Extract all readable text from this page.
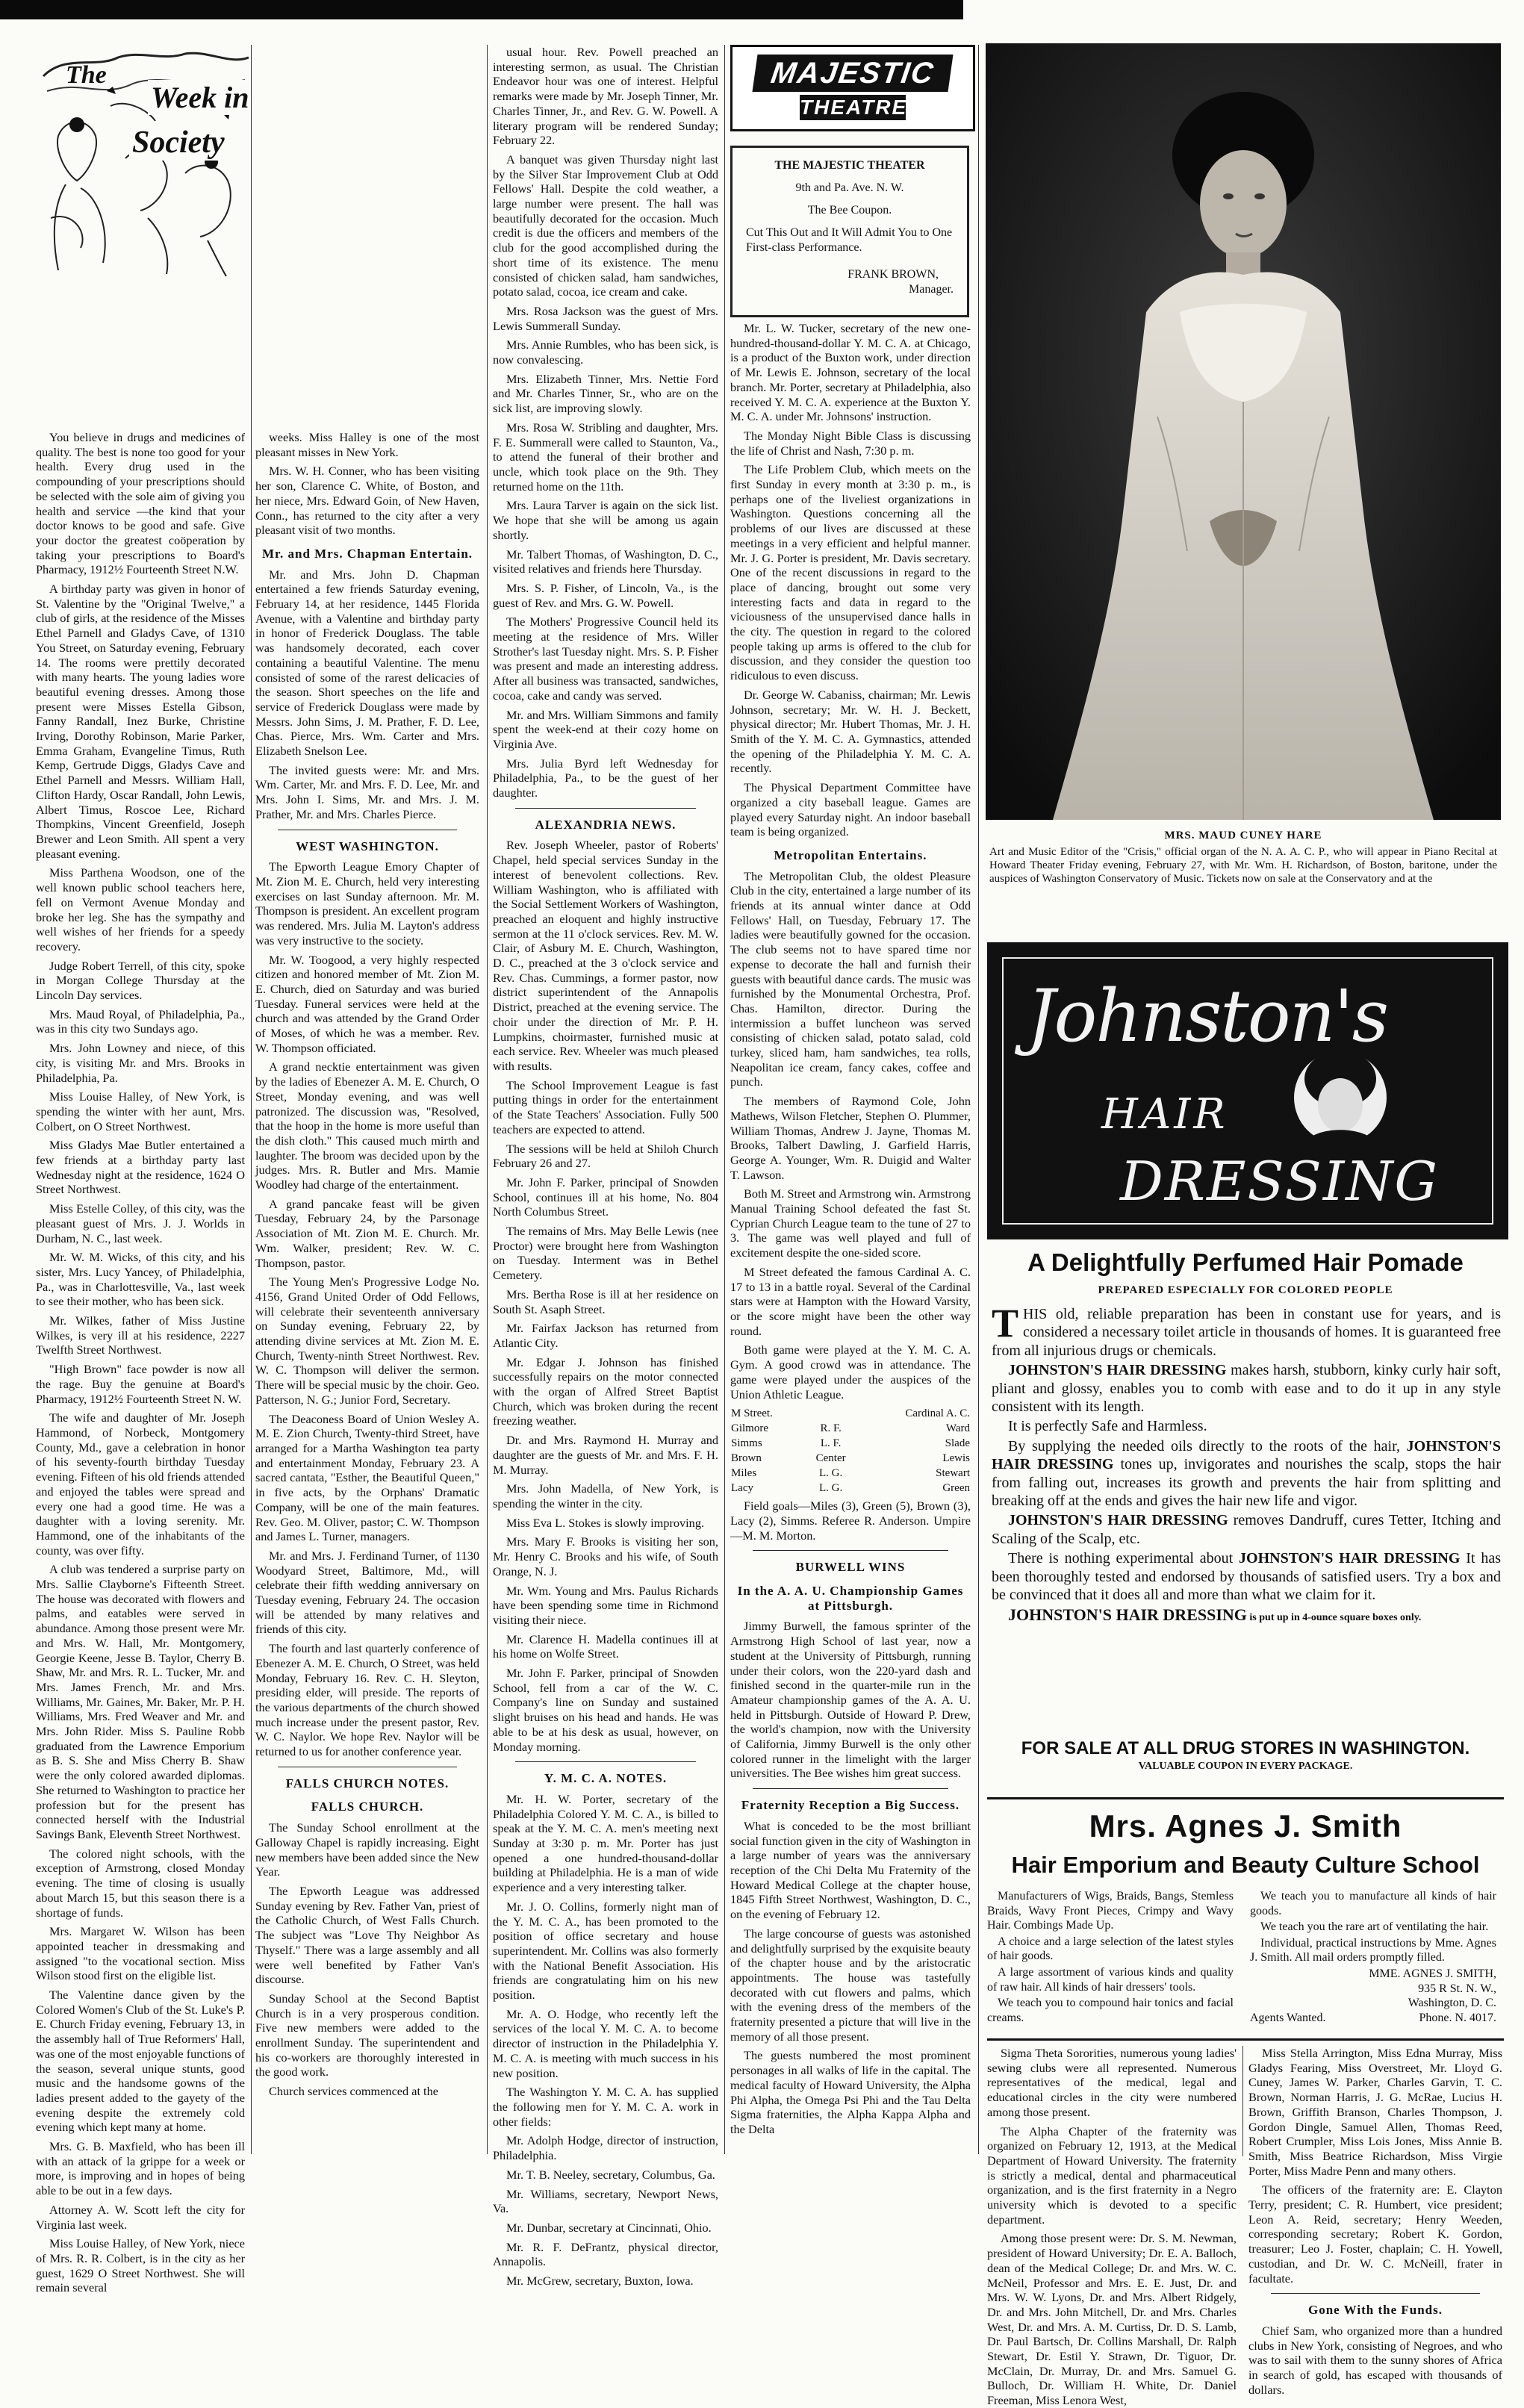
The
Week in
Society

You believe in drugs and medicines of quality. The best is none too good for your health. Every drug used in the compounding of your prescriptions should be selected with the sole aim of giving you health and service —the kind that your doctor knows to be good and safe. Give your doctor the greatest coöperation by taking your prescriptions to Board's Pharmacy, 1912½ Fourteenth Street N.W.

A birthday party was given in honor of St. Valentine by the "Original Twelve," a club of girls, at the residence of the Misses Ethel Parnell and Gladys Cave, of 1310 You Street, on Saturday evening, February 14. The rooms were prettily decorated with many hearts. The young ladies wore beautiful evening dresses. Among those present were Misses Estella Gibson, Fanny Randall, Inez Burke, Christine Irving, Dorothy Robinson, Marie Parker, Emma Graham, Evangeline Timus, Ruth Kemp, Gertrude Diggs, Gladys Cave and Ethel Parnell and Messrs. William Hall, Clifton Hardy, Oscar Randall, John Lewis, Albert Timus, Roscoe Lee, Richard Thompkins, Vincent Greenfield, Joseph Brewer and Leon Smith. All spent a very pleasant evening.

Miss Parthena Woodson, one of the well known public school teachers here, fell on Vermont Avenue Monday and broke her leg. She has the sympathy and well wishes of her friends for a speedy recovery.

Judge Robert Terrell, of this city, spoke in Morgan College Thursday at the Lincoln Day services.

Mrs. Maud Royal, of Philadelphia, Pa., was in this city two Sundays ago.

Mrs. John Lowney and niece, of this city, is visiting Mr. and Mrs. Brooks in Philadelphia, Pa.

Miss Louise Halley, of New York, is spending the winter with her aunt, Mrs. Colbert, on O Street Northwest.

Miss Gladys Mae Butler entertained a few friends at a birthday party last Wednesday night at the residence, 1624 O Street Northwest.

Miss Estelle Colley, of this city, was the pleasant guest of Mrs. J. J. Worlds in Durham, N. C., last week.

Mr. W. M. Wicks, of this city, and his sister, Mrs. Lucy Yancey, of Philadelphia, Pa., was in Charlottesville, Va., last week to see their mother, who has been sick.

Mr. Wilkes, father of Miss Justine Wilkes, is very ill at his residence, 2227 Twelfth Street Northwest.

"High Brown" face powder is now all the rage. Buy the genuine at Board's Pharmacy, 1912½ Fourteenth Street N. W.

The wife and daughter of Mr. Joseph Hammond, of Norbeck, Montgomery County, Md., gave a celebration in honor of his seventy-fourth birthday Tuesday evening. Fifteen of his old friends attended and enjoyed the tables were spread and every one had a good time. He was a daughter with a loving serenity. Mr. Hammond, one of the inhabitants of the county, was over fifty.

A club was tendered a surprise party on Mrs. Sallie Clayborne's Fifteenth Street. The house was decorated with flowers and palms, and eatables were served in abundance. Among those present were Mr. and Mrs. W. Hall, Mr. Montgomery, Georgie Keene, Jesse B. Taylor, Cherry B. Shaw, Mr. and Mrs. R. L. Tucker, Mr. and Mrs. James French, Mr. and Mrs. Williams, Mr. Gaines, Mr. Baker, Mr. P. H. Williams, Mrs. Fred Weaver and Mr. and Mrs. John Rider. Miss S. Pauline Robb graduated from the Lawrence Emporium as B. S. She and Miss Cherry B. Shaw were the only colored awarded diplomas. She returned to Washington to practice her profession but for the present has connected herself with the Industrial Savings Bank, Eleventh Street Northwest.

The colored night schools, with the exception of Armstrong, closed Monday evening. The time of closing is usually about March 15, but this season there is a shortage of funds.

Mrs. Margaret W. Wilson has been appointed teacher in dressmaking and assigned "to the vocational section. Miss Wilson stood first on the eligible list.

The Valentine dance given by the Colored Women's Club of the St. Luke's P. E. Church Friday evening, February 13, in the assembly hall of True Reformers' Hall, was one of the most enjoyable functions of the season, several unique stunts, good music and the handsome gowns of the ladies present added to the gayety of the evening despite the extremely cold evening which kept many at home.

Mrs. G. B. Maxfield, who has been ill with an attack of la grippe for a week or more, is improving and in hopes of being able to be out in a few days.

Attorney A. W. Scott left the city for Virginia last week.

Miss Louise Halley, of New York, niece of Mrs. R. R. Colbert, is in the city as her guest, 1629 O Street Northwest. She will remain several

weeks. Miss Halley is one of the most pleasant misses in New York.

Mrs. W. H. Conner, who has been visiting her son, Clarence C. White, of Boston, and her niece, Mrs. Edward Goin, of New Haven, Conn., has returned to the city after a very pleasant visit of two months.

Mr. and Mrs. Chapman Entertain.

Mr. and Mrs. John D. Chapman entertained a few friends Saturday evening, February 14, at her residence, 1445 Florida Avenue, with a Valentine and birthday party in honor of Frederick Douglass. The table was handsomely decorated, each cover containing a beautiful Valentine. The menu consisted of some of the rarest delicacies of the season. Short speeches on the life and service of Frederick Douglass were made by Messrs. John Sims, J. M. Prather, F. D. Lee, Chas. Pierce, Mrs. Wm. Carter and Mrs. Elizabeth Snelson Lee.

The invited guests were: Mr. and Mrs. Wm. Carter, Mr. and Mrs. F. D. Lee, Mr. and Mrs. John I. Sims, Mr. and Mrs. J. M. Prather, Mr. and Mrs. Charles Pierce.

WEST WASHINGTON.

The Epworth League Emory Chapter of Mt. Zion M. E. Church, held very interesting exercises on last Sunday afternoon. Mr. M. Thompson is president. An excellent program was rendered. Mrs. Julia M. Layton's address was very instructive to the society.

Mr. W. Toogood, a very highly respected citizen and honored member of Mt. Zion M. E. Church, died on Saturday and was buried Tuesday. Funeral services were held at the church and was attended by the Grand Order of Moses, of which he was a member. Rev. W. Thompson officiated.

A grand necktie entertainment was given by the ladies of Ebenezer A. M. E. Church, O Street, Monday evening, and was well patronized. The discussion was, "Resolved, that the hoop in the home is more useful than the dish cloth." This caused much mirth and laughter. The broom was decided upon by the judges. Mrs. R. Butler and Mrs. Mamie Woodley had charge of the entertainment.

A grand pancake feast will be given Tuesday, February 24, by the Parsonage Association of Mt. Zion M. E. Church. Mr. Wm. Walker, president; Rev. W. C. Thompson, pastor.

The Young Men's Progressive Lodge No. 4156, Grand United Order of Odd Fellows, will celebrate their seventeenth anniversary on Sunday evening, February 22, by attending divine services at Mt. Zion M. E. Church, Twenty-ninth Street Northwest. Rev. W. C. Thompson will deliver the sermon. There will be special music by the choir. Geo. Patterson, N. G.; Junior Ford, Secretary.

The Deaconess Board of Union Wesley A. M. E. Zion Church, Twenty-third Street, have arranged for a Martha Washington tea party and entertainment Monday, February 23. A sacred cantata, "Esther, the Beautiful Queen," in five acts, by the Orphans' Dramatic Company, will be one of the main features. Rev. Geo. M. Oliver, pastor; C. W. Thompson and James L. Turner, managers.

Mr. and Mrs. J. Ferdinand Turner, of 1130 Woodyard Street, Baltimore, Md., will celebrate their fifth wedding anniversary on Tuesday evening, February 24. The occasion will be attended by many relatives and friends of this city.

The fourth and last quarterly conference of Ebenezer A. M. E. Church, O Street, was held Monday, February 16. Rev. C. H. Sleyton, presiding elder, will preside. The reports of the various departments of the church showed much increase under the present pastor, Rev. W. C. Naylor. We hope Rev. Naylor will be returned to us for another conference year.

FALLS CHURCH NOTES.
FALLS CHURCH.

The Sunday School enrollment at the Galloway Chapel is rapidly increasing. Eight new members have been added since the New Year.

The Epworth League was addressed Sunday evening by Rev. Father Van, priest of the Catholic Church, of West Falls Church. The subject was "Love Thy Neighbor As Thyself." There was a large assembly and all were well benefited by Father Van's discourse.

Sunday School at the Second Baptist Church is in a very prosperous condition. Five new members were added to the enrollment Sunday. The superintendent and his co-workers are thoroughly interested in the good work.

Church services commenced at the

usual hour. Rev. Powell preached an interesting sermon, as usual. The Christian Endeavor hour was one of interest. Helpful remarks were made by Mr. Joseph Tinner, Mr. Charles Tinner, Jr., and Rev. G. W. Powell. A literary program will be rendered Sunday; February 22.

A banquet was given Thursday night last by the Silver Star Improvement Club at Odd Fellows' Hall. Despite the cold weather, a large number were present. The hall was beautifully decorated for the occasion. Much credit is due the officers and members of the club for the good accomplished during the short time of its existence. The menu consisted of chicken salad, ham sandwiches, potato salad, cocoa, ice cream and cake.

Mrs. Rosa Jackson was the guest of Mrs. Lewis Summerall Sunday.

Mrs. Annie Rumbles, who has been sick, is now convalescing.

Mrs. Elizabeth Tinner, Mrs. Nettie Ford and Mr. Charles Tinner, Sr., who are on the sick list, are improving slowly.

Mrs. Rosa W. Stribling and daughter, Mrs. F. E. Summerall were called to Staunton, Va., to attend the funeral of their brother and uncle, which took place on the 9th. They returned home on the 11th.

Mrs. Laura Tarver is again on the sick list. We hope that she will be among us again shortly.

Mr. Talbert Thomas, of Washington, D. C., visited relatives and friends here Thursday.

Mrs. S. P. Fisher, of Lincoln, Va., is the guest of Rev. and Mrs. G. W. Powell.

The Mothers' Progressive Council held its meeting at the residence of Mrs. Willer Strother's last Tuesday night. Mrs. S. P. Fisher was present and made an interesting address. After all business was transacted, sandwiches, cocoa, cake and candy was served.

Mr. and Mrs. William Simmons and family spent the week-end at their cozy home on Virginia Ave.

Mrs. Julia Byrd left Wednesday for Philadelphia, Pa., to be the guest of her daughter.

ALEXANDRIA NEWS.

Rev. Joseph Wheeler, pastor of Roberts' Chapel, held special services Sunday in the interest of benevolent collections. Rev. William Washington, who is affiliated with the Social Settlement Workers of Washington, preached an eloquent and highly instructive sermon at the 11 o'clock services. Rev. M. W. Clair, of Asbury M. E. Church, Washington, D. C., preached at the 3 o'clock service and Rev. Chas. Cummings, a former pastor, now district superintendent of the Annapolis District, preached at the evening service. The choir under the direction of Mr. P. H. Lumpkins, choirmaster, furnished music at each service. Rev. Wheeler was much pleased with results.

The School Improvement League is fast putting things in order for the entertainment of the State Teachers' Association. Fully 500 teachers are expected to attend.

The sessions will be held at Shiloh Church February 26 and 27.

Mr. John F. Parker, principal of Snowden School, continues ill at his home, No. 804 North Columbus Street.

The remains of Mrs. May Belle Lewis (nee Proctor) were brought here from Washington on Tuesday. Interment was in Bethel Cemetery.

Mrs. Bertha Rose is ill at her residence on South St. Asaph Street.

Mr. Fairfax Jackson has returned from Atlantic City.

Mr. Edgar J. Johnson has finished successfully repairs on the motor connected with the organ of Alfred Street Baptist Church, which was broken during the recent freezing weather.

Dr. and Mrs. Raymond H. Murray and daughter are the guests of Mr. and Mrs. F. H. M. Murray.

Mrs. John Madella, of New York, is spending the winter in the city.

Miss Eva L. Stokes is slowly improving.

Mrs. Mary F. Brooks is visiting her son, Mr. Henry C. Brooks and his wife, of South Orange, N. J.

Mr. Wm. Young and Mrs. Paulus Richards have been spending some time in Richmond visiting their niece.

Mr. Clarence H. Madella continues ill at his home on Wolfe Street.

Mr. John F. Parker, principal of Snowden School, fell from a car of the W. C. Company's line on Sunday and sustained slight bruises on his head and hands. He was able to be at his desk as usual, however, on Monday morning.

Y. M. C. A. NOTES.

Mr. H. W. Porter, secretary of the Philadelphia Colored Y. M. C. A., is billed to speak at the Y. M. C. A. men's meeting next Sunday at 3:30 p. m. Mr. Porter has just opened a one hundred-thousand-dollar building at Philadelphia. He is a man of wide experience and a very interesting talker.

Mr. J. O. Collins, formerly night man of the Y. M. C. A., has been promoted to the position of office secretary and house superintendent. Mr. Collins was also formerly with the National Benefit Association. His friends are congratulating him on his new position.

Mr. A. O. Hodge, who recently left the services of the local Y. M. C. A. to become director of instruction in the Philadelphia Y. M. C. A. is meeting with much success in his new position.

The Washington Y. M. C. A. has supplied the following men for Y. M. C. A. work in other fields:

Mr. Adolph Hodge, director of instruction, Philadelphia.

Mr. T. B. Neeley, secretary, Columbus, Ga.

Mr. Williams, secretary, Newport News, Va.

Mr. Dunbar, secretary at Cincinnati, Ohio.

Mr. R. F. DeFrantz, physical director, Annapolis.

Mr. McGrew, secretary, Buxton, Iowa.

MAJESTIC
THEATRE
THE MAJESTIC THEATER
9th and Pa. Ave. N. W.
The Bee Coupon.
Cut This Out and It Will Admit You to One First-class Performance.
FRANK BROWN,
Manager.

Mr. L. W. Tucker, secretary of the new one-hundred-thousand-dollar Y. M. C. A. at Chicago, is a product of the Buxton work, under direction of Mr. Lewis E. Johnson, secretary of the local branch. Mr. Porter, secretary at Philadelphia, also received Y. M. C. A. experience at the Buxton Y. M. C. A. under Mr. Johnsons' instruction.

The Monday Night Bible Class is discussing the life of Christ and Nash, 7:30 p. m.

The Life Problem Club, which meets on the first Sunday in every month at 3:30 p. m., is perhaps one of the liveliest organizations in Washington. Questions concerning all the problems of our lives are discussed at these meetings in a very efficient and helpful manner. Mr. J. G. Porter is president, Mr. Davis secretary. One of the recent discussions in regard to the place of dancing, brought out some very interesting facts and data in regard to the viciousness of the unsupervised dance halls in the city. The question in regard to the colored people taking up arms is offered to the club for discussion, and they consider the question too ridiculous to even discuss.

Dr. George W. Cabaniss, chairman; Mr. Lewis Johnson, secretary; Mr. W. H. J. Beckett, physical director; Mr. Hubert Thomas, Mr. J. H. Smith of the Y. M. C. A. Gymnastics, attended the opening of the Philadelphia Y. M. C. A. recently.

The Physical Department Committee have organized a city baseball league. Games are played every Saturday night. An indoor baseball team is being organized.

Metropolitan Entertains.

The Metropolitan Club, the oldest Pleasure Club in the city, entertained a large number of its friends at its annual winter dance at Odd Fellows' Hall, on Tuesday, February 17. The ladies were beautifully gowned for the occasion. The club seems not to have spared time nor expense to decorate the hall and furnish their guests with beautiful dance cards. The music was furnished by the Monumental Orchestra, Prof. Chas. Hamilton, director. During the intermission a buffet luncheon was served consisting of chicken salad, potato salad, cold turkey, sliced ham, ham sandwiches, tea rolls, Neapolitan ice cream, fancy cakes, coffee and punch.

The members of Raymond Cole, John Mathews, Wilson Fletcher, Stephen O. Plummer, William Thomas, Andrew J. Jayne, Thomas M. Brooks, Talbert Dawling, J. Garfield Harris, George A. Younger, Wm. R. Duigid and Walter T. Lawson.

Both M. Street and Armstrong win. Armstrong Manual Training School defeated the fast St. Cyprian Church League team to the tune of 27 to 3. The game was well played and full of excitement despite the one-sided score.

M Street defeated the famous Cardinal A. C. 17 to 13 in a battle royal. Several of the Cardinal stars were at Hampton with the Howard Varsity, or the score might have been the other way round.

Both game were played at the Y. M. C. A. Gym. A good crowd was in attendance. The game were played under the auspices of the Union Athletic League.

M Street.		Cardinal A. C.
Gilmore	R. F.	Ward
Simms	L. F.	Slade
Brown	Center	Lewis
Miles	L. G.	Stewart
Lacy	L. G.	Green

Field goals—Miles (3), Green (5), Brown (3), Lacy (2), Simms. Referee R. Anderson. Umpire—M. M. Morton.

BURWELL WINS
In the A. A. U. Championship Games at Pittsburgh.

Jimmy Burwell, the famous sprinter of the Armstrong High School of last year, now a student at the University of Pittsburgh, running under their colors, won the 220-yard dash and finished second in the quarter-mile run in the Amateur championship games of the A. A. U. held in Pittsburgh. Outside of Howard P. Drew, the world's champion, now with the University of California, Jimmy Burwell is the only other colored runner in the limelight with the larger universities. The Bee wishes him great success.

Fraternity Reception a Big Success.

What is conceded to be the most brilliant social function given in the city of Washington in a large number of years was the anniversary reception of the Chi Delta Mu Fraternity of the Howard Medical College at the chapter house, 1845 Fifth Street Northwest, Washington, D. C., on the evening of February 12.

The large concourse of guests was astonished and delightfully surprised by the exquisite beauty of the chapter house and by the aristocratic appointments. The house was tastefully decorated with cut flowers and palms, which with the evening dress of the members of the fraternity presented a picture that will live in the memory of all those present.

The guests numbered the most prominent personages in all walks of life in the capital. The medical faculty of Howard University, the Alpha Phi Alpha, the Omega Psi Phi and the Tau Delta Sigma fraternities, the Alpha Kappa Alpha and the Delta

MRS. MAUD CUNEY HARE
Art and Music Editor of the "Crisis," official organ of the N. A. A. C. P., who will appear in Piano Recital at Howard Theater Friday evening, February 27, with Mr. Wm. H. Richardson, of Boston, baritone, under the auspices of Washington Conservatory of Music. Tickets now on sale at the Conservatory and at the
Johnston's
HAIR
DRESSING
A Delightfully Perfumed Hair Pomade
PREPARED ESPECIALLY FOR COLORED PEOPLE

THIS old, reliable preparation has been in constant use for years, and is considered a necessary toilet article in thousands of homes. It is guaranteed free from all injurious drugs or chemicals.

JOHNSTON'S HAIR DRESSING makes harsh, stubborn, kinky curly hair soft, pliant and glossy, enables you to comb with ease and to do it up in any style consistent with its length.

It is perfectly Safe and Harmless.

By supplying the needed oils directly to the roots of the hair, JOHNSTON'S HAIR DRESSING tones up, invigorates and nourishes the scalp, stops the hair from falling out, increases its growth and prevents the hair from splitting and breaking off at the ends and gives the hair new life and vigor.

JOHNSTON'S HAIR DRESSING removes Dandruff, cures Tetter, Itching and Scaling of the Scalp, etc.

There is nothing experimental about JOHNSTON'S HAIR DRESSING It has been thoroughly tested and endorsed by thousands of satisfied users. Try a box and be convinced that it does all and more than what we claim for it.

JOHNSTON'S HAIR DRESSING is put up in 4-ounce square boxes only.

FOR SALE AT ALL DRUG STORES IN WASHINGTON.
VALUABLE COUPON IN EVERY PACKAGE.
Mrs. Agnes J. Smith
Hair Emporium and Beauty Culture School

Manufacturers of Wigs, Braids, Bangs, Stemless Braids, Wavy Front Pieces, Crimpy and Wavy Hair. Combings Made Up.

A choice and a large selection of the latest styles of hair goods.

A large assortment of various kinds and quality of raw hair. All kinds of hair dressers' tools.

We teach you to compound hair tonics and facial creams.

We teach you to manufacture all kinds of hair goods.

We teach you the rare art of ventilating the hair.

Individual, practical instructions by Mme. Agnes J. Smith. All mail orders promptly filled.

MME. AGNES J. SMITH,
935 R St. N. W.,
Washington, D. C.
Agents Wanted.	Phone. N. 4017.

Sigma Theta Sororities, numerous young ladies' sewing clubs were all represented. Numerous representatives of the medical, legal and educational circles in the city were numbered among those present.

The Alpha Chapter of the fraternity was organized on February 12, 1913, at the Medical Department of Howard University. The fraternity is strictly a medical, dental and pharmaceutical organization, and is the first fraternity in a Negro university which is devoted to a specific department.

Among those present were: Dr. S. M. Newman, president of Howard University; Dr. E. A. Balloch, dean of the Medical College; Dr. and Mrs. W. C. McNeil, Professor and Mrs. E. E. Just, Dr. and Mrs. W. W. Lyons, Dr. and Mrs. Albert Ridgely, Dr. and Mrs. John Mitchell, Dr. and Mrs. Charles West, Dr. and Mrs. A. M. Curtiss, Dr. D. S. Lamb, Dr. Paul Bartsch, Dr. Collins Marshall, Dr. Ralph Stewart, Dr. Estil Y. Strawn, Dr. Tiguor, Dr. McClain, Dr. Murray, Dr. and Mrs. Samuel G. Bulloch, Dr. William H. White, Dr. Daniel Freeman, Miss Lenora West,

Miss Stella Arrington, Miss Edna Murray, Miss Gladys Fearing, Miss Overstreet, Mr. Lloyd G. Cuney, James W. Parker, Charles Garvin, T. C. Brown, Norman Harris, J. G. McRae, Lucius H. Brown, Griffith Branson, Charles Thompson, J. Gordon Dingle, Samuel Allen, Thomas Reed, Robert Crumpler, Miss Lois Jones, Miss Annie B. Smith, Miss Beatrice Richardson, Miss Virgie Porter, Miss Madre Penn and many others.

The officers of the fraternity are: E. Clayton Terry, president; C. R. Humbert, vice president; Leon A. Reid, secretary; Henry Weeden, corresponding secretary; Robert K. Gordon, treasurer; Leo J. Foster, chaplain; C. H. Yowell, custodian, and Dr. W. C. McNeill, frater in facultate.

Gone With the Funds.

Chief Sam, who organized more than a hundred clubs in New York, consisting of Negroes, and who was to sail with them to the sunny shores of Africa in search of gold, has escaped with thousands of dollars.
